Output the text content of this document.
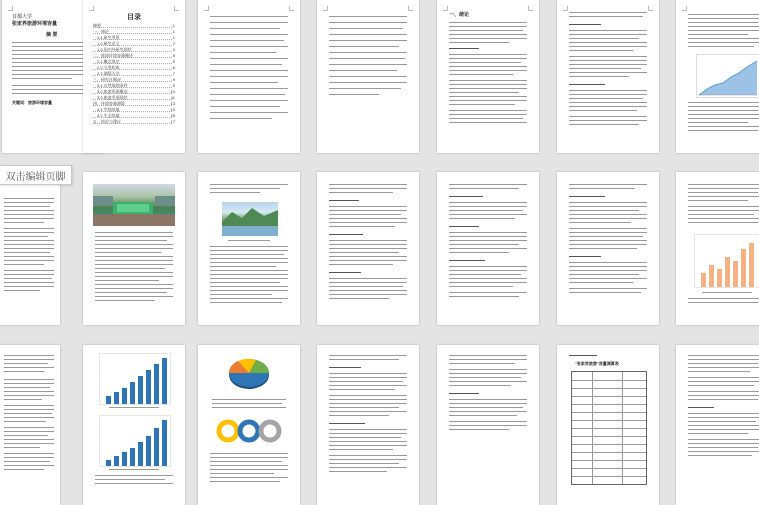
首都大学
张家界旅游环境容量
摘 要
关键词：旅游环境容量
目录
摘要	1
一、绪论	1
1.1 研究背景	1
1.2 研究意义	2
1.3 国内外研究现状	3
二、旅游环境容量概述	5
2.1 概念界定	5
2.2 分类构成	6
2.3 测算方法	7
三、研究区概况	9
3.1 自然地理条件	9
3.2 旅游资源概况	10
3.3 旅游发展现状	11
四、环境容量测算	13
4.1 空间容量	13
4.2 生态容量	15
五、结论与建议	17
一、绪论
"张家界旅游"容量测算表
双击编辑页脚
